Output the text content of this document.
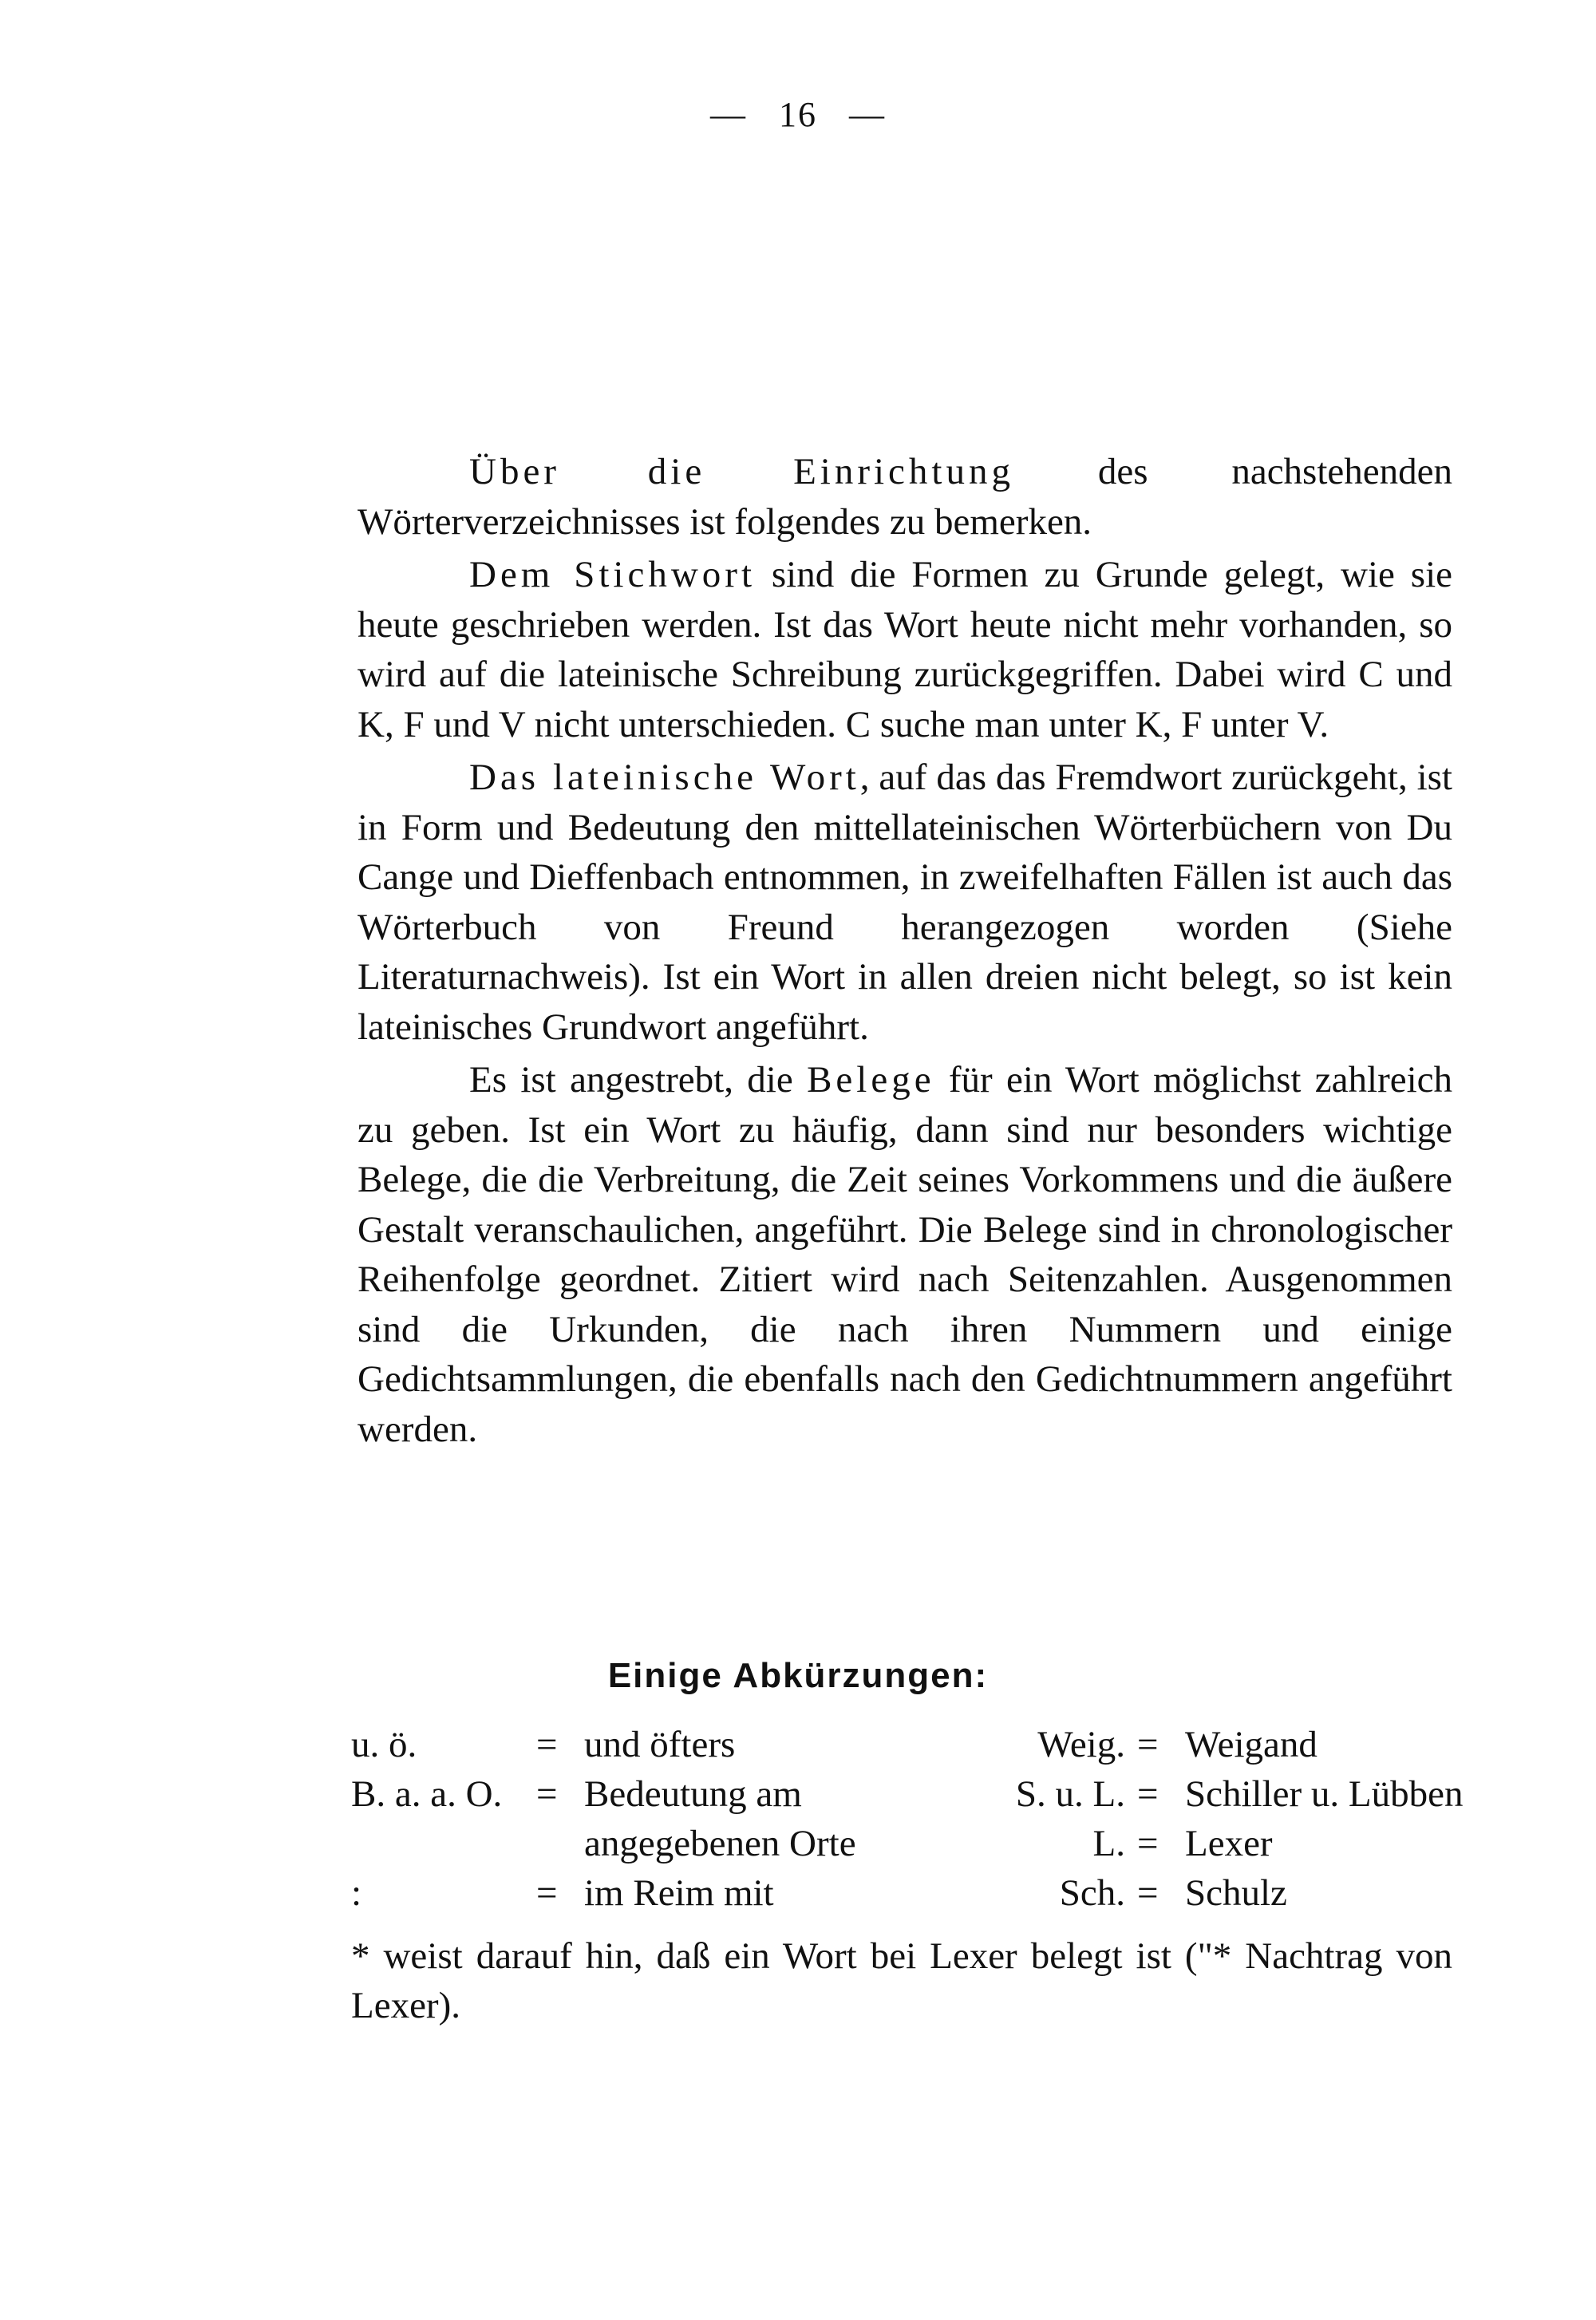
— 16 —

Über die Einrichtung des nachstehenden Wörterverzeichnisses ist folgendes zu bemerken.

Dem Stichwort sind die Formen zu Grunde gelegt, wie sie heute geschrieben werden. Ist das Wort heute nicht mehr vorhanden, so wird auf die lateinische Schreibung zurückgegriffen. Dabei wird C und K, F und V nicht unterschieden. C suche man unter K, F unter V.

Das lateinische Wort, auf das das Fremdwort zurückgeht, ist in Form und Bedeutung den mittellateinischen Wörterbüchern von Du Cange und Dieffenbach entnommen, in zweifelhaften Fällen ist auch das Wörterbuch von Freund herangezogen worden (Siehe Literaturnachweis). Ist ein Wort in allen dreien nicht belegt, so ist kein lateinisches Grundwort angeführt.

Es ist angestrebt, die Belege für ein Wort möglichst zahlreich zu geben. Ist ein Wort zu häufig, dann sind nur besonders wichtige Belege, die die Verbreitung, die Zeit seines Vorkommens und die äußere Gestalt veranschaulichen, angeführt. Die Belege sind in chronologischer Reihenfolge geordnet. Zitiert wird nach Seitenzahlen. Ausgenommen sind die Urkunden, die nach ihren Nummern und einige Gedichtsammlungen, die ebenfalls nach den Gedichtnummern angeführt werden.

Einige Abkürzungen:
u. ö.	= und öfters	Weig. = Weigand
B. a. a. O. = Bedeutung am	S. u. L. = Schiller u. Lübben
angegebenen Orte	L. = Lexer
:	= im Reim mit	Sch. = Schulz
* weist darauf hin, daß ein Wort bei Lexer belegt ist ("* Nachtrag von Lexer).
